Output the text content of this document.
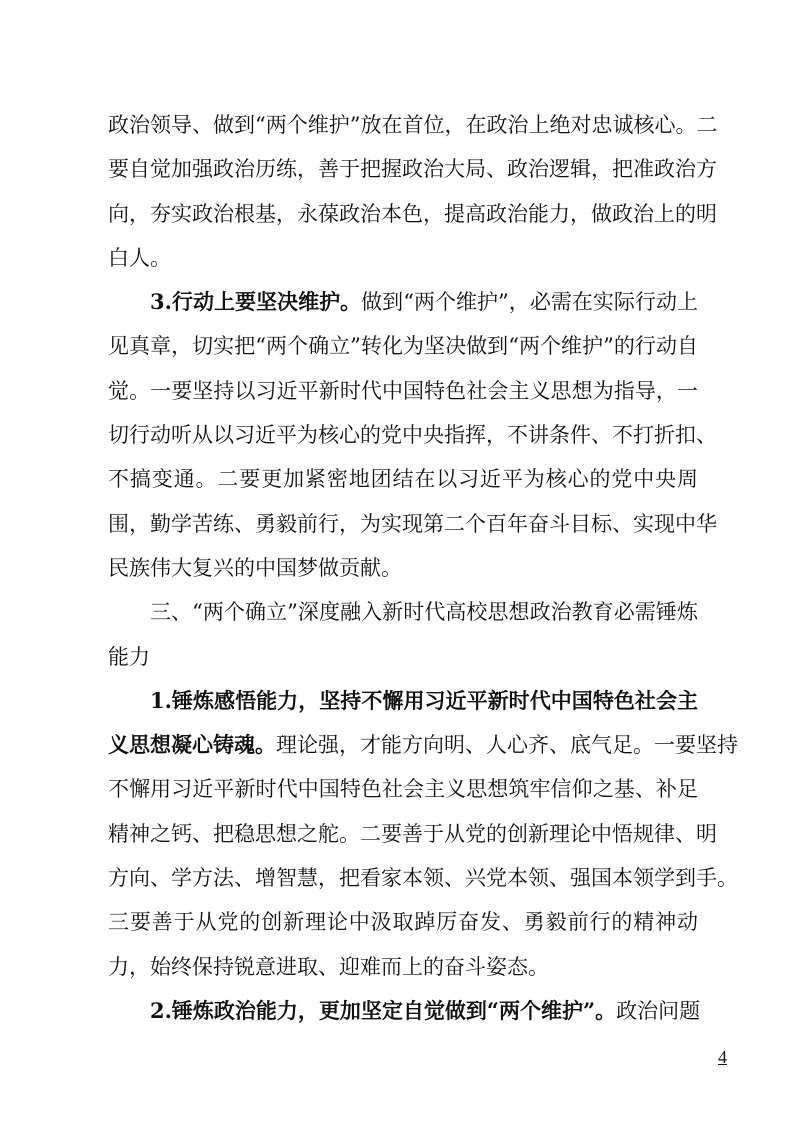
政治领导、做到“两个维护”放在首位，在政治上绝对忠诚核心。二
要自觉加强政治历练，善于把握政治大局、政治逻辑，把准政治方
向，夯实政治根基，永葆政治本色，提高政治能力，做政治上的明
白人。
3.行动上要坚决维护。做到“两个维护”，必需在实际行动上
见真章，切实把“两个确立”转化为坚决做到“两个维护”的行动自
觉。一要坚持以习近平新时代中国特色社会主义思想为指导，一
切行动听从以习近平为核心的党中央指挥，不讲条件、不打折扣、
不搞变通。二要更加紧密地团结在以习近平为核心的党中央周
围，勤学苦练、勇毅前行，为实现第二个百年奋斗目标、实现中华
民族伟大复兴的中国梦做贡献。
三、“两个确立”深度融入新时代高校思想政治教育必需锤炼
能力
1.锤炼感悟能力，坚持不懈用习近平新时代中国特色社会主
义思想凝心铸魂。理论强，才能方向明、人心齐、底气足。一要坚持
不懈用习近平新时代中国特色社会主义思想筑牢信仰之基、补足
精神之钙、把稳思想之舵。二要善于从党的创新理论中悟规律、明
方向、学方法、增智慧，把看家本领、兴党本领、强国本领学到手。
三要善于从党的创新理论中汲取踔厉奋发、勇毅前行的精神动
力，始终保持锐意进取、迎难而上的奋斗姿态。
2.锤炼政治能力，更加坚定自觉做到“两个维护”。政治问题
4
